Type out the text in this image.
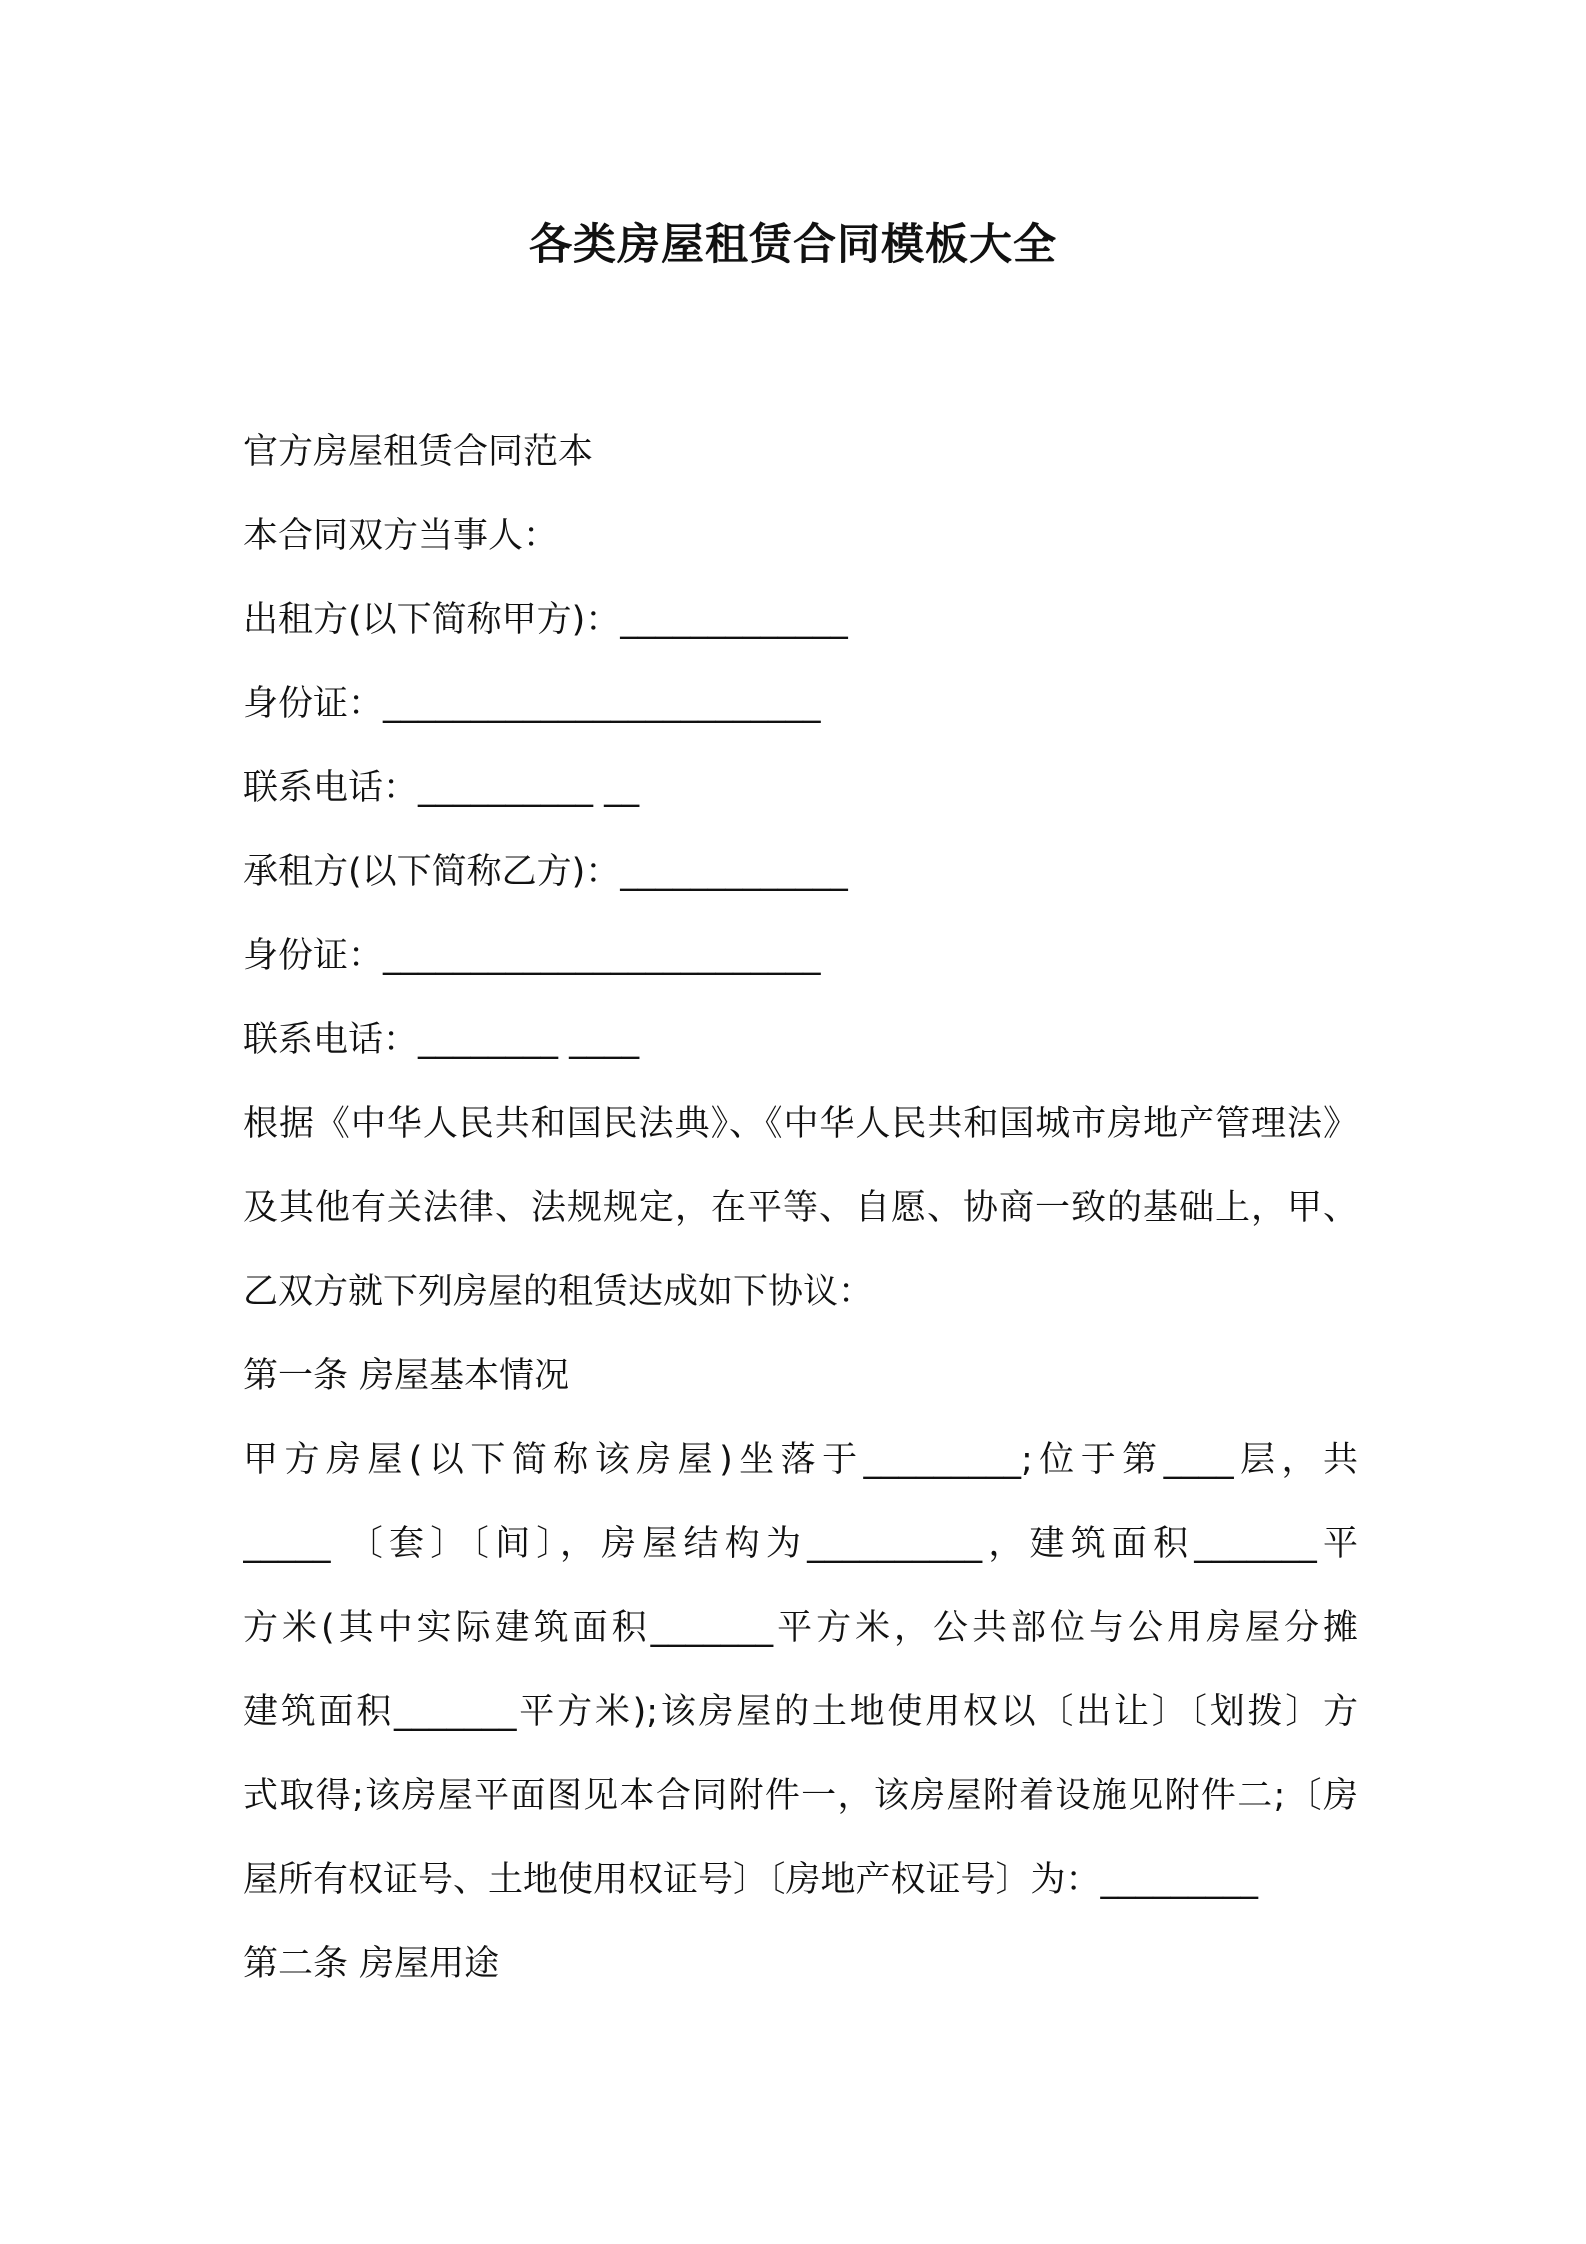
各类房屋租赁合同模板大全
官方房屋租赁合同范本
本合同双方当事人：
出租方(以下简称甲方)：_____________
身份证：_________________________
联系电话：__________ __
承租方(以下简称乙方)：_____________
身份证：_________________________
联系电话：________ ____
根据《中华人民共和国民法典》、《中华人民共和国城市房地产管理法》
及其他有关法律、法规规定，在平等、自愿、协商一致的基础上，甲、
乙双方就下列房屋的租赁达成如下协议：
第一条 房屋基本情况
甲方房屋(以下简称该房屋)坐落于_________;位于第____层，共
_____ 〔套〕〔间〕，房屋结构为__________，建筑面积_______平
方米(其中实际建筑面积_______平方米，公共部位与公用房屋分摊
建筑面积_______平方米);该房屋的土地使用权以〔出让〕〔划拨〕方
式取得;该房屋平面图见本合同附件一，该房屋附着设施见附件二;〔房
屋所有权证号、土地使用权证号〕〔房地产权证号〕为：_________
第二条 房屋用途
